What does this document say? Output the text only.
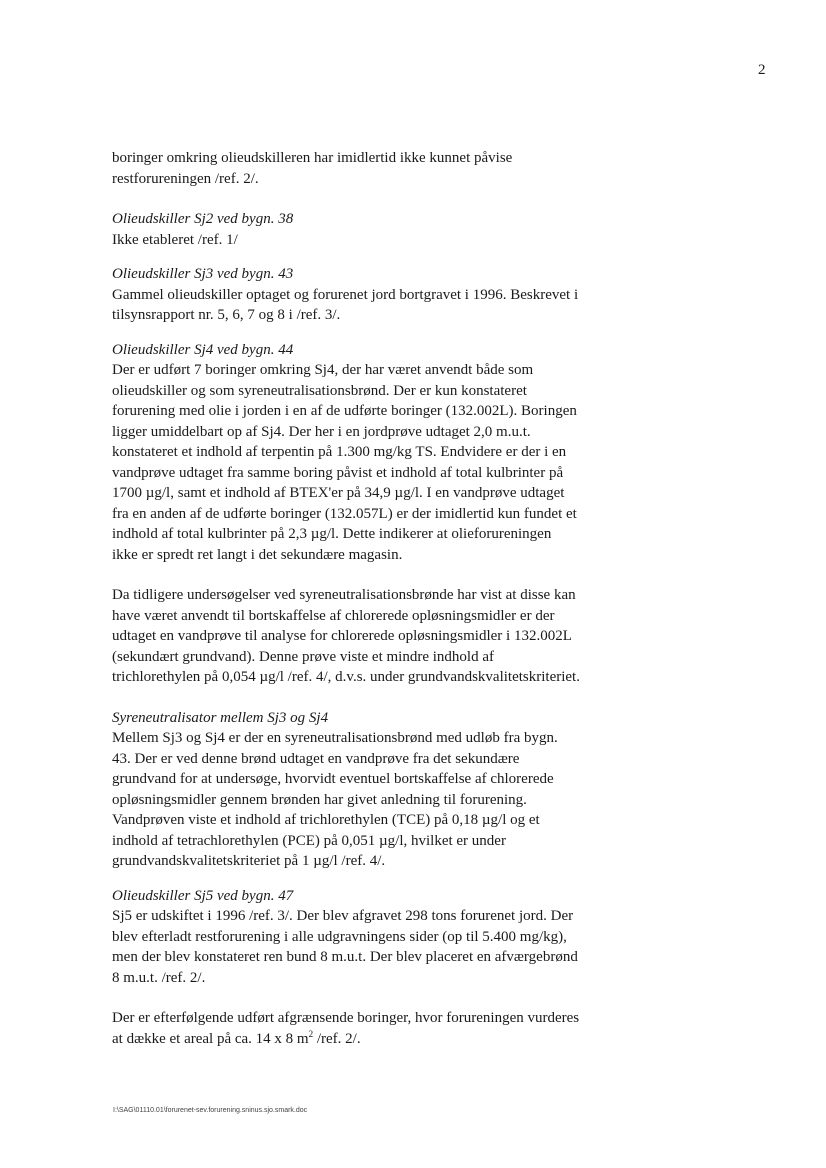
2

boringer omkring olieudskilleren har imidlertid ikke kunnet påvise restforureningen /ref. 2/.

Olieudskiller Sj2 ved bygn. 38

Ikke etableret /ref. 1/

Olieudskiller Sj3 ved bygn. 43

Gammel olieudskiller optaget og forurenet jord bortgravet i 1996. Beskrevet i tilsynsrapport nr. 5, 6, 7 og 8 i /ref. 3/.

Olieudskiller Sj4 ved bygn. 44

Der er udført 7 boringer omkring Sj4, der har været anvendt både som olieudskiller og som syreneutralisationsbrønd. Der er kun konstateret forurening med olie i jorden i en af de udførte boringer (132.002L). Boringen ligger umiddelbart op af Sj4. Der her i en jordprøve udtaget 2,0 m.u.t. konstateret et indhold af terpentin på 1.300 mg/kg TS. Endvidere er der i en vandprøve udtaget fra samme boring påvist et indhold af total kulbrinter på 1700 µg/l, samt et indhold af BTEX'er på 34,9 µg/l. I en vandprøve udtaget fra en anden af de udførte boringer (132.057L) er der imidlertid kun fundet et indhold af total kulbrinter på 2,3 µg/l. Dette indikerer at olieforureningen ikke er spredt ret langt i det sekundære magasin.

Da tidligere undersøgelser ved syreneutralisationsbrønde har vist at disse kan have været anvendt til bortskaffelse af chlorerede opløsningsmidler er der udtaget en vandprøve til analyse for chlorerede opløsningsmidler i 132.002L (sekundært grundvand). Denne prøve viste et mindre indhold af trichlorethylen på 0,054 µg/l /ref. 4/, d.v.s. under grundvandskvalitetskriteriet.

Syreneutralisator mellem Sj3 og Sj4

Mellem Sj3 og Sj4 er der en syreneutralisationsbrønd med udløb fra bygn. 43. Der er ved denne brønd udtaget en vandprøve fra det sekundære grundvand for at undersøge, hvorvidt eventuel bortskaffelse af chlorerede opløsningsmidler gennem brønden har givet anledning til forurening. Vandprøven viste et indhold af trichlorethylen (TCE) på 0,18 µg/l og et indhold af tetrachlorethylen (PCE) på 0,051 µg/l, hvilket er under grundvandskvalitetskriteriet på 1 µg/l /ref. 4/.

Olieudskiller Sj5 ved bygn. 47

Sj5 er udskiftet i 1996 /ref. 3/. Der blev afgravet 298 tons forurenet jord. Der blev efterladt restforurening i alle udgravningens sider (op til 5.400 mg/kg), men der blev konstateret ren bund 8 m.u.t. Der blev placeret en afværgebrønd 8 m.u.t. /ref. 2/.

Der er efterfølgende udført afgrænsende boringer, hvor forureningen vurderes at dække et areal på ca. 14 x 8 $m^2$ /ref. 2/.

I:\SAG\01110.01\forurenet-sev.forurening.sninus.sjo.smark.doc
